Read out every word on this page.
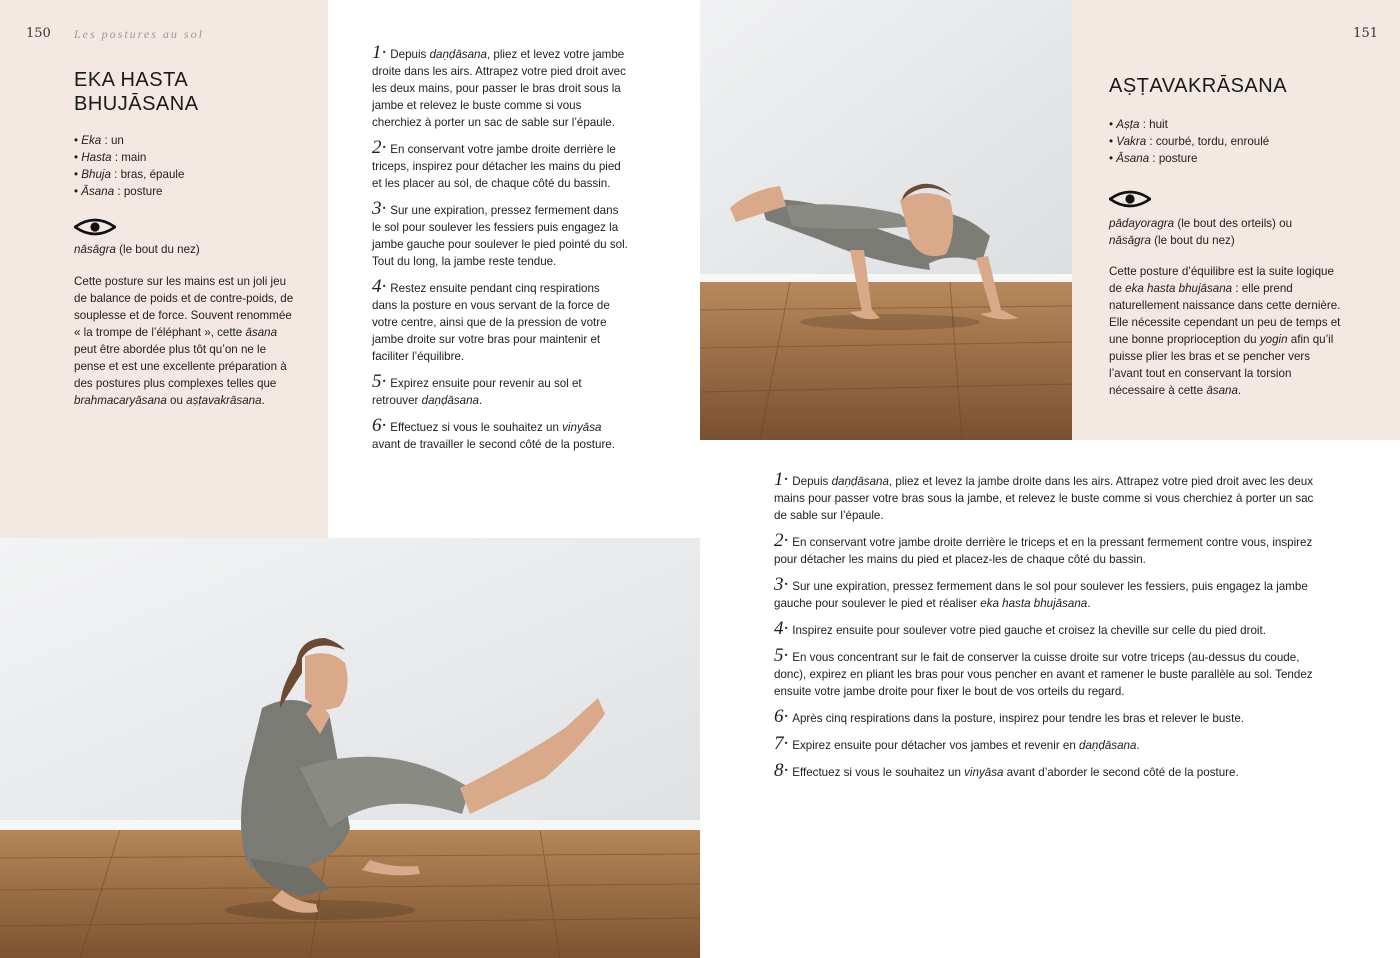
150 Les postures au sol
EKA HASTA
BHUJĀSANA
• Eka : un
• Hasta : main
• Bhuja : bras, épaule
• Āsana : posture

nāsāgra (le bout du nez)

Cette posture sur les mains est un joli jeu de balance de poids et de contre-poids, de souplesse et de force. Souvent renommée « la trompe de l’éléphant », cette āsana peut être abordée plus tôt qu’on ne le pense et est une excellente préparation à des postures plus complexes telles que brahmacaryāsana ou aṣṭavakrāsana.

1· Depuis daṇḍāsana, pliez et levez votre jambe droite dans les airs. Attrapez votre pied droit avec les deux mains, pour passer le bras droit sous la jambe et relevez le buste comme si vous cherchiez à porter un sac de sable sur l’épaule.
2· En conservant votre jambe droite derrière le triceps, inspirez pour détacher les mains du pied et les placer au sol, de chaque côté du bassin.
3· Sur une expiration, pressez fermement dans le sol pour soulever les fessiers puis engagez la jambe gauche pour soulever le pied pointé du sol. Tout du long, la jambe reste tendue.
4· Restez ensuite pendant cinq respirations dans la posture en vous servant de la force de votre centre, ainsi que de la pression de votre jambe droite sur votre bras pour maintenir et faciliter l’équilibre.
5· Expirez ensuite pour revenir au sol et retrouver daṇḍāsana.
6· Effectuez si vous le souhaitez un vinyāsa avant de travailler le second côté de la posture.
151
AṢṬAVAKRĀSANA
• Aṣṭa : huit
• Vakra : courbé, tordu, enroulé
• Āsana : posture

pādayoragra (le bout des orteils) ou
nāsāgra (le bout du nez)

Cette posture d’équilibre est la suite logique de eka hasta bhujāsana : elle prend naturellement naissance dans cette dernière. Elle nécessite cependant un peu de temps et une bonne proprioception du yogin afin qu’il puisse plier les bras et se pencher vers l’avant tout en conservant la torsion nécessaire à cette āsana.

1· Depuis daṇḍāsana, pliez et levez la jambe droite dans les airs. Attrapez votre pied droit avec les deux mains pour passer votre bras sous la jambe, et relevez le buste comme si vous cherchiez à porter un sac de sable sur l’épaule.
2· En conservant votre jambe droite derrière le triceps et en la pressant fermement contre vous, inspirez pour détacher les mains du pied et placez-les de chaque côté du bassin.
3· Sur une expiration, pressez fermement dans le sol pour soulever les fessiers, puis engagez la jambe gauche pour soulever le pied et réaliser eka hasta bhujāsana.
4· Inspirez ensuite pour soulever votre pied gauche et croisez la cheville sur celle du pied droit.
5· En vous concentrant sur le fait de conserver la cuisse droite sur votre triceps (au-dessus du coude, donc), expirez en pliant les bras pour vous pencher en avant et ramener le buste parallèle au sol. Tendez ensuite votre jambe droite pour fixer le bout de vos orteils du regard.
6· Après cinq respirations dans la posture, inspirez pour tendre les bras et relever le buste.
7· Expirez ensuite pour détacher vos jambes et revenir en daṇḍāsana.
8· Effectuez si vous le souhaitez un vinyāsa avant d’aborder le second côté de la posture.
